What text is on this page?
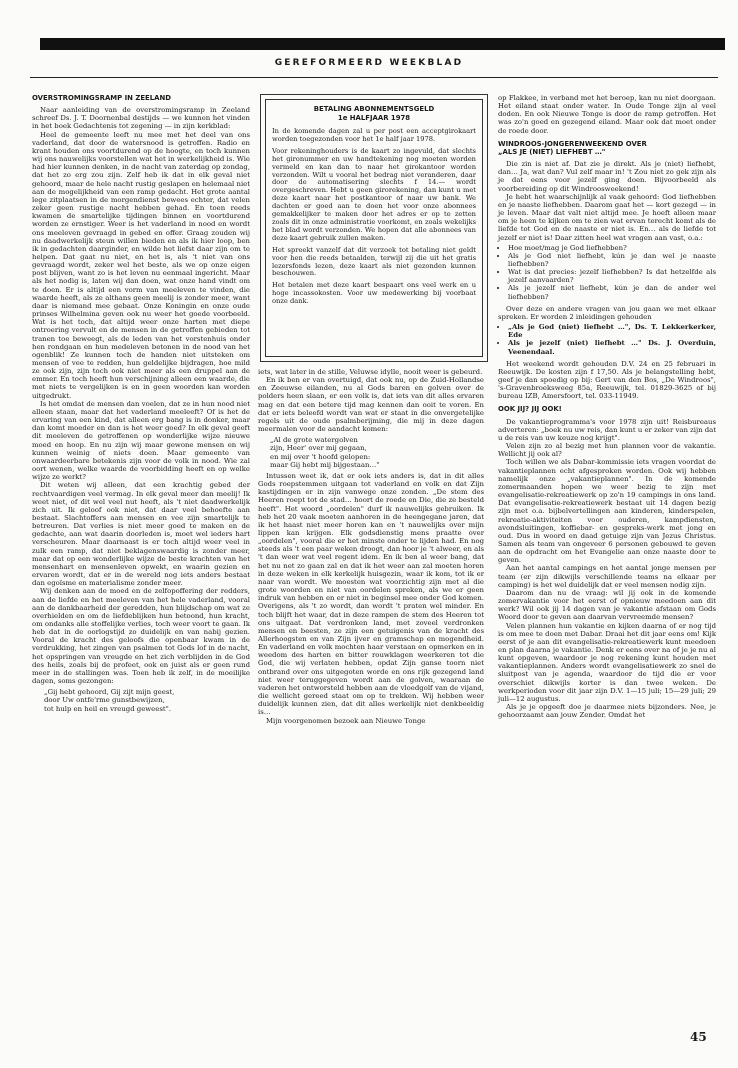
GEREFORMEERD WEEKBLAD
OVERSTROMINGSRAMP IN ZEELAND

Naar aanleiding van de overstromingsramp in Zeeland schreef Ds. J. T. Doornenbal destijds — we kunnen het vinden in het boek Gedachtenis tot zegening — in zijn kerkblad:

Heel de gemeente leeft nu mee met het deel van ons vaderland, dat door de watersnood is getroffen. Radio en krant houden ons voortdurend op de hoogte, en toch kunnen wij ons nauwelijks voorstellen wat het in werkelijkheid is. Wie had hier kunnen denken, in de nacht van zaterdag op zondag, dat het zo erg zou zijn. Zelf heb ik dat in elk geval niet gehoord, maar de hele nacht rustig geslapen en helemaal niet aan de mogelijkheid van een ramp gedacht. Het grote aantal lege zitplaatsen in de morgendienst bewees echter, dat velen zeker geen rustige nacht hebben gehad. En toen reeds kwamen de smartelijke tijdingen binnen en voortdurend worden ze ernstiger. Weer is het vaderland in nood en wordt ons meeleven gevraagd in gebed en offer. Graag zouden wij nu daadwerkelijk steun willen bieden en als ik hier loop, ben ik in gedachten daarginder, en wilde het liefst daar zijn om te helpen. Dat gaat nu niet, en het is, als 't niet van ons gevraagd wordt, zeker wel het beste, als we op onze eigen post blijven, want zo is het leven nu eenmaal ingericht. Maar als het nodig is, laten wij dan doen, wat onze hand vindt om te doen. Er is altijd een vorm van meeleven te vinden, die waarde heeft, als ze althans geen meelij is zonder meer, want daar is niemand mee gebaat. Onze Koningin en onze oude prinses Wilhelmina geven ook nu weer het goede voorbeeld. Wat is het toch, dat altijd weer onze harten met diepe ontroering vervult en de mensen in de getroffen gebieden tot tranen toe beweegt, als de leden van het vorstenhuis onder hen rondgaan en hun medeleven betonen in de nood van het ogenblik! Ze kunnen toch de handen niet uitsteken om mensen of vee te redden, hun geldelijke bijdragen, hoe mild ze ook zijn, zijn toch ook niet meer als een druppel aan de emmer. En toch heeft hun verschijning alleen een waarde, die met niets te vergelijken is en in geen woorden kan worden uitgedrukt.

Is het omdat de mensen dan voelen, dat ze in hun nood niet alleen staan, maar dat het vaderland meeleeft? Of is het de ervaring van een kind, dat alleen erg bang is in donker, maar dan komt moeder en dan is het weer goed? In elk geval geeft dit meeleven de getroffenen op wonderlijke wijze nieuwe moed en hoop. En nu zijn wij maar gewone mensen en wij kunnen weinig of niets doen. Maar gemeente van onwaardeerbare betekenis zijn voor de volk in nood. Wie zal oort wenen, welke waarde de voorbidding heeft en op welke wijze ze werkt?

Dit weten wij alleen, dat een krachtig gebed der rechtvaardigen veel vermag. In elk geval meer dan meelij! Ik weet niet, of dit wel veel nut heeft, als 't niet daadwerkelijk zich uit. Ik geloof ook niet, dat daar veel behoefte aan bestaat. Slachtoffers aan mensen en vee zijn smartelijk te betreuren. Dat verlies is niet meer goed te maken en de gedachte, aan wat daarin doorleden is, moet wel ieders hart verscheuren. Maar daarnaast is er toch altijd weer veel in zulk een ramp, dat niet beklagenswaardig is zonder meer, maar dat op een wonderlijke wijze de beste krachten van het mensenhart en mensenleven opwekt, en waarin gezien en ervaren wordt, dat er in de wereld nog iets anders bestaat dan egoïsme en materialisme zonder meer.

Wij denken aan de moed en de zelfopoffering der redders, aan de liefde en het meeleven van het hele vaderland, vooral aan de dankbaarheid der geredden, hun blijdschap om wat ze overhielden en om de liefdeblijken hun betoond, hun kracht, om ondanks alle stoffelijke verlies, toch weer voort te gaan. Ik heb dat in de oorlogstijd zo duidelijk en van nabij gezien. Vooral de kracht des geloofs die openbaar kwam in de verdrukking, het zingen van psalmen tot Gods lof in de nacht, het opspringen van vreugde en het zich verblijden in de God des heils, zoals bij de profeet, ook en juist als er geen rund meer in de stallingen was. Toen heb ik zelf, in de moeilijke dagen, soms gezongen:

„Gij hebt gehoord, Gij zijt mijn geest,
door Uw ontfe'rme gunstbewijzen,
tot hulp en heil en vreugd geweest".
BETALING ABONNEMENTSGELD
1e HALFJAAR 1978

In de komende dagen zal u per post een acceptgirokaart worden toegezonden voor het 1e half jaar 1978.

Voor rekeninghouders is de kaart zo ingevuld, dat slechts het gironummer en uw handtekening nog moeten worden vermeld en kan dan to naar het girokantoor worden verzonden. Wilt u vooral het bedrag niet veranderen, daar door de automatisering slechts f 14.— wordt overgeschreven. Hebt u geen girorekening, dan kunt u met deze kaart naar het postkantoor of naar uw bank. We dachten er goed aan te doen het voor onze abonnees gemakkelijker te maken door het adres er op te zetten zoals dit in onze administratie voorkomt, en zoals wekelijks het blad wordt verzonden. We hopen dat alle abonnees van deze kaart gebruik zullen maken.

Het spreekt vanzelf dat dit verzoek tot betaling niet geldt voor hen die reeds betaalden, terwijl zij die uit het gratis lezersfonds lezen, deze kaart als niet gezonden kunnen beschouwen.

Het betalen met deze kaart bespaart ons veel werk en u hoge incassokosten. Voor uw medewerking bij voorbaat onze dank.

iets, wat later in de stille, Veluwse idylle, nooit weer is gebeurd.

En ik ben er van overtuigd, dat ook nu, op de Zuid-Hollandse en Zeeuwse eilanden, nu al Gods baren en golven over de polders heen slaan, er een volk is, dat iets van dit alles ervaren mag en dat een betere tijd mag kennen dan ooit te voren. En dat er iets beleefd wordt van wat er staat in die onvergetelijke regels uit de oude psalmberijming, die mij in deze dagen meermalen voor de aandacht komen:

„Al de grote watergolven
zijn, Heer' over mij gegaan,
en mij over 't hoofd gelopen:
maar Gij hebt mij bijgestaan…"

Intussen weet ik, dat er ook iets anders is, dat in dit alles Gods roepstemmen uitgaan tot vaderland en volk en dat Zijn kastijdingen er in zijn vanwege onze zonden. „De stem des Heeren roept tot de stad… hoort de roede en Die, die ze besteld heeft". Het woord „oordelen" durf ik nauwelijks gebruiken. Ik heb het 20 vaak moeten aanhoren in de heengegane jaren, dat ik het haast niet meer horen kan en 't nauwelijks over mijn lippen kan krijgen. Elk godsdienstig mens praatte over „oordelen", vooral die er het minste onder te lijden had. En nog steeds als 't een paar weken droogt, dan hoor je 't alweer, en als 't dan weer wat veel regent idem. En ik ben al weer bang, dat het nu net zo gaan zal en dat ik het weer aan zal moeten horen in deze weken in elk kerkelijk huisgezin, waar ik kom, tot ik er naar van wordt. We moesten wat voorzichtig zijn met al die grote woorden en niet van oordelen spreken, als we er geen indruk van hebben en er niet in beginsel mee onder God komen. Overigens, als 't zo wordt, dan wordt 't praten wel minder. En toch blijft het waar, dat in deze rampen de stem des Heeren tot ons uitgaat. Dat verdronken land, met zoveel verdronken mensen en beesten, ze zijn een getuigenis van de kracht des Allerhoogsten en van Zijn ijver en gramschap en mogendheid. En vaderland en volk mochten haar verstaan en opmerken en in weedom des harten en bitter rouwklagen weerkeren tot die God, die wij verlaten hebben, opdat Zijn ganse toorn niet ontbrand over ons uitgegoten worde en ons rijk gezegend land niet weer teruggegeven wordt aan de golven, waaraan de vaderen het ontworsteld hebben aan de vloedgolf van de vijand, die wellicht gereed staat om op te trekken. Wij hebben weer duidelijk kunnen zien, dat dit alles werkelijk niet denkbeeldig is…

Mijn voorgenomen bezoek aan Nieuwe Tonge

op Flakkee, in verband met het beroep, kan nu niet doorgaan. Het eiland staat onder water. In Oude Tonge zijn al veel doden. En ook Nieuwe Tonge is door de ramp getroffen. Het was zo'n goed en gezegend eiland. Maar ook dat moet onder de roede door.

WINDROOS-JONGERENWEEKEND OVER
„ALS JE (NIET) LIEFHEBT …"

Die zin is niet af. Dat zie je direkt. Als je (niet) liefhebt, dan… Ja, wat dan? Vul zelf maar in! 't Zou niet zo gek zijn als je dat eens voor jezelf ging doen. Bijvoorbeeld als voorbereiding op dit Windroosweekend!

Je hebt het waarschijnlijk al vaak gehoord: God liefhebben en je naaste liefhebben. Daarom gaat het — kort gezegd — in je leven. Maar dat valt niet altijd mee. Je hoeft alleen maar om je heen te kijken om te zien wat ervan terecht komt als de liefde tot God en de naaste er niet is. En… als de liefde tot jezelf er niet is! Daar zitten heel wat vragen aan vast, o.a.:

• Hoe moet/mag je God liefhebben?
• Als je God niet liefhebt, kún je dan wel je naaste liefhebben?
• Wat is dat precies: jezelf liefhebben? Is dat hetzelfde als jezelf aanvaarden?
• Als je jezelf niet liefhebt, kún je dan de ander wel liefhebben?

Over deze en andere vragen van jou gaan we met elkaar spreken. Er worden 2 inleidingen gehouden

• „Als je God (niet) liefhebt …", Ds. T. Lekkerkerker, Ede
• Als je jezelf (niet) liefhebt …" Ds. J. Overduin, Veenendaal.

Het weekend wordt gehouden D.V. 24 en 25 februari in Reeuwijk. De kosten zijn f 17,50. Als je belangstelling hebt, geef je dan spoedig op bij: Gert van den Bos, „De Windroos", 's-Gravenbroeksweeg 85a, Reeuwijk, tel. 01829-3625 of bij bureau IZB, Amersfoort, tel. 033-11949.

OOK JIJ? JIJ OOK!

De vakantieprogramma's voor 1978 zijn uit! Reisbureaus adverteren: „boek nu uw reis, dan kunt u er zeker van zijn dat u de reis van uw keuze nog krijgt".

Velen zijn zo al bezig met hun plannen voor de vakantie. Wellicht jij ook al?

Toch willen we als Dabar-kommissie iets vragen voordat de vakantieplannen echt afgesproken worden. Ook wij hebben namelijk onze „vakantieplannen". In de komende zomermaanden hopen we weer bezig te zijn met evangelisatie-rekreatiewerk op zo'n 19 campings in ons land. Dat evangelisatie-rekreatiewerk bestaat uit 14 dagen bezig zijn met o.a. bijbelvertellingen aan kinderen, kinderspelen, rekreatie-aktiviteiten voor ouderen, kampdiensten, avondsluitingen, koffiebar- en gespreks-werk met jong en oud. Dus in woord en daad getuige zijn van Jezus Christus. Samen als team van ongeveer 6 personen gebouwd te geven aan de opdracht om het Evangelie aan onze naaste door te geven.

Aan het aantal campings en het aantal jonge mensen per team (er zijn dikwijls verschillende teams na elkaar per camping) is het wel duidelijk dat er veel mensen nodig zijn.

Daarom dan nu de vraag: wil jij ook in de komende zomervakantie voor het eerst of opnieuw meedoen aan dit werk? Wil ook jij 14 dagen van je vakantie afstaan om Gods Woord door te geven aan daarvan vervreemde mensen?

Velen plannen hun vakantie en kijken daarna of er nog tijd is om mee te doen met Dabar. Draai het dit jaar eens om! Kijk eerst of je aan dit evangelisatie-rekreatiewerk kunt meedoen en plan daarna je vakantie. Denk er eens over na of je je nu al kunt opgeven, waardoor je nog rekening kunt houden met vakantieplannen. Anders wordt evangelisatiewerk zo snel de sluitpost van je agenda, waardoor de tijd die er voor overschiet dikwijls korter is dan twee weken. De werkperioden voor dit jaar zijn D.V. 1—15 juli; 15—29 juli; 29 juli—12 augustus.

Als je je opgeeft doe je daarmee niets bijzonders. Nee, je gehoorzaamt aan jouw Zender. Omdat het

45
